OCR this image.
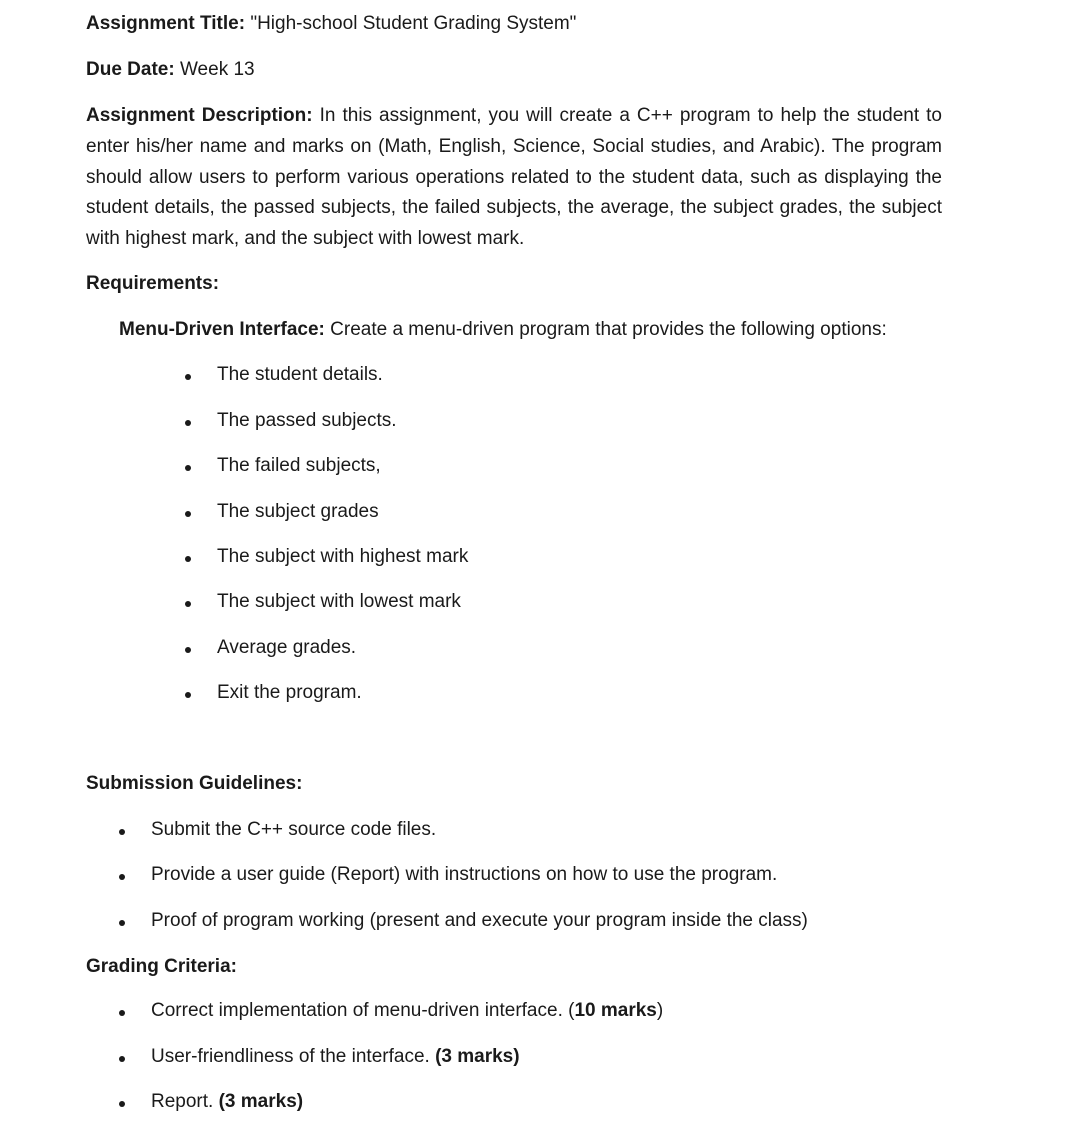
Assignment Title: "High-school Student Grading System"
Due Date: Week 13
Assignment Description: In this assignment, you will create a C++ program to help the student to enter his/her name and marks on (Math, English, Science, Social studies, and Arabic). The program should allow users to perform various operations related to the student data, such as displaying the student details, the passed subjects, the failed subjects, the average, the subject grades, the subject with highest mark, and the subject with lowest mark.
Requirements:
Menu-Driven Interface: Create a menu-driven program that provides the following options:
The student details.
The passed subjects.
The failed subjects,
The subject grades
The subject with highest mark
The subject with lowest mark
Average grades.
Exit the program.
Submission Guidelines:
Submit the C++ source code files.
Provide a user guide (Report) with instructions on how to use the program.
Proof of program working (present and execute your program inside the class)
Grading Criteria:
Correct implementation of menu-driven interface. (10 marks)
User-friendliness of the interface. (3 marks)
Report. (3 marks)
